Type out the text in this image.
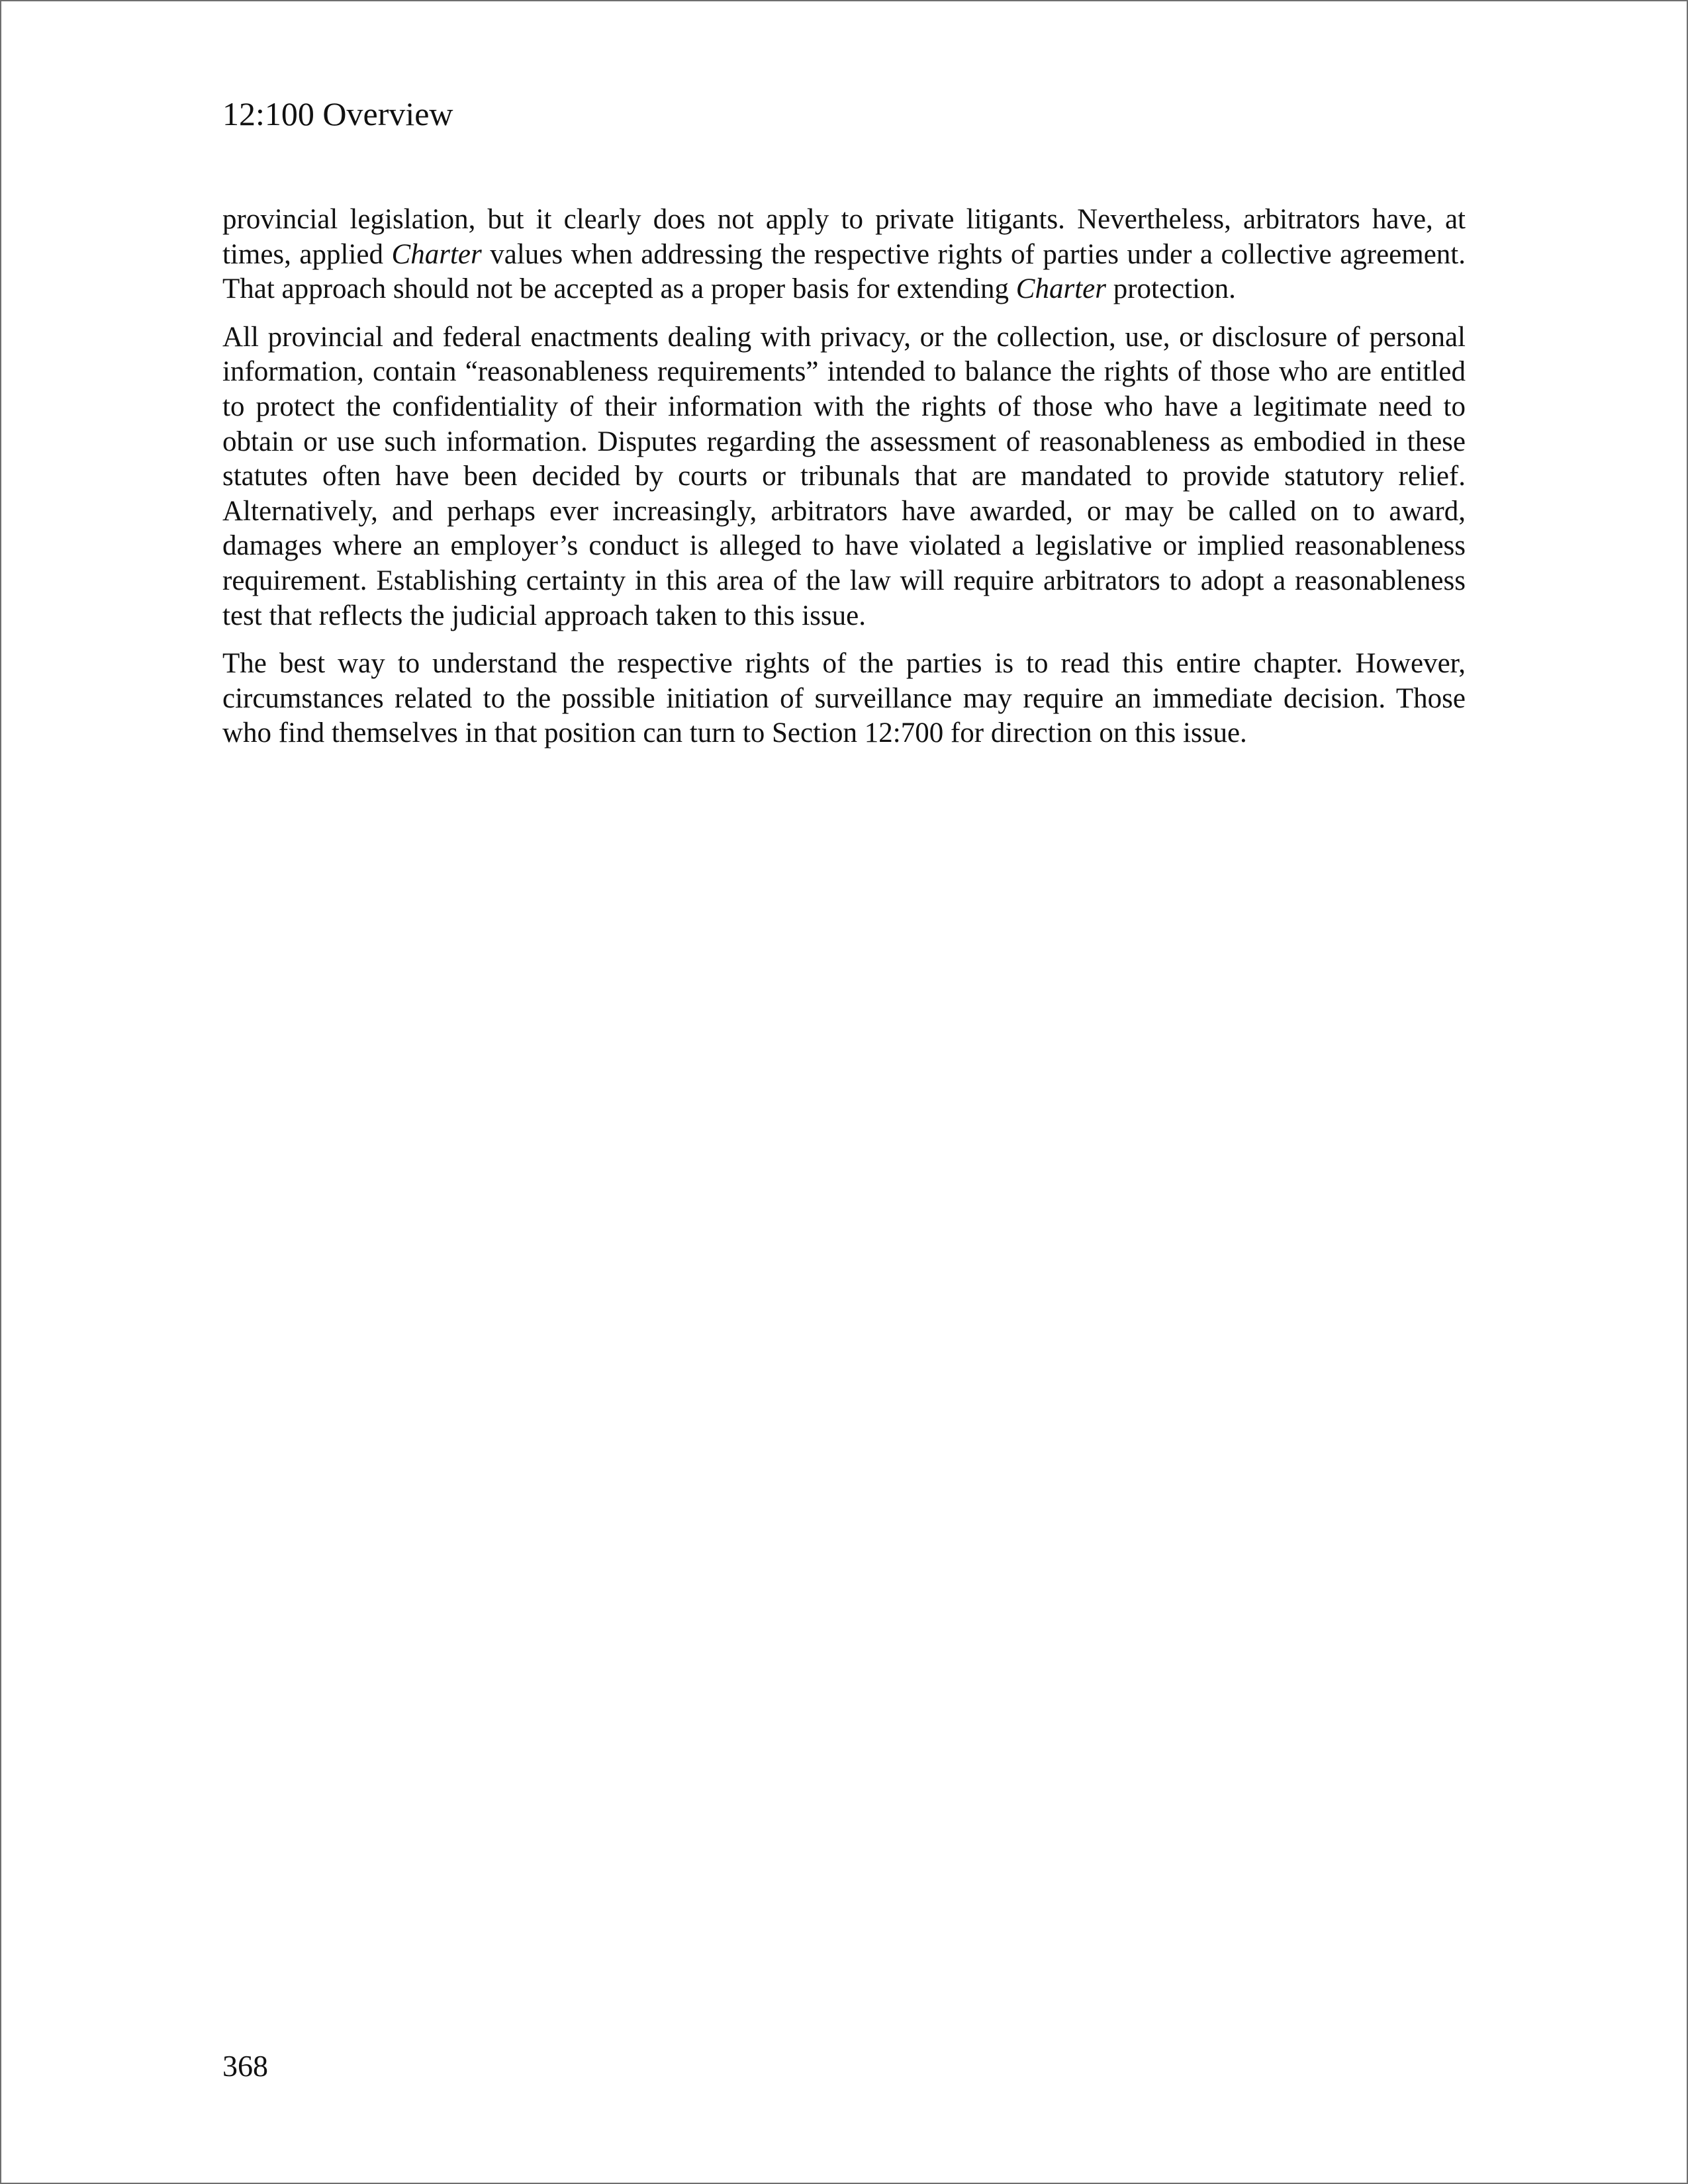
12:100 Overview

provincial legislation, but it clearly does not apply to private litigants. Nevertheless, arbitrators have, at times, applied Charter values when addressing the respective rights of parties under a collective agreement. That approach should not be accepted as a proper basis for extending Charter protection.

All provincial and federal enactments dealing with privacy, or the collection, use, or disclosure of personal information, contain “reasonableness requirements” intended to balance the rights of those who are entitled to protect the confidentiality of their information with the rights of those who have a legitimate need to obtain or use such information. Disputes regarding the assessment of reasonableness as embodied in these statutes often have been decided by courts or tribunals that are mandated to provide statutory relief. Alternatively, and perhaps ever increasingly, arbitrators have awarded, or may be called on to award, damages where an employer’s conduct is alleged to have violated a legislative or implied reasonableness requirement. Establishing certainty in this area of the law will require arbitrators to adopt a reasonableness test that reflects the judicial approach taken to this issue.

The best way to understand the respective rights of the parties is to read this entire chapter. However, circumstances related to the possible initiation of surveillance may require an immediate decision. Those who find themselves in that position can turn to Section 12:700 for direction on this issue.

368
